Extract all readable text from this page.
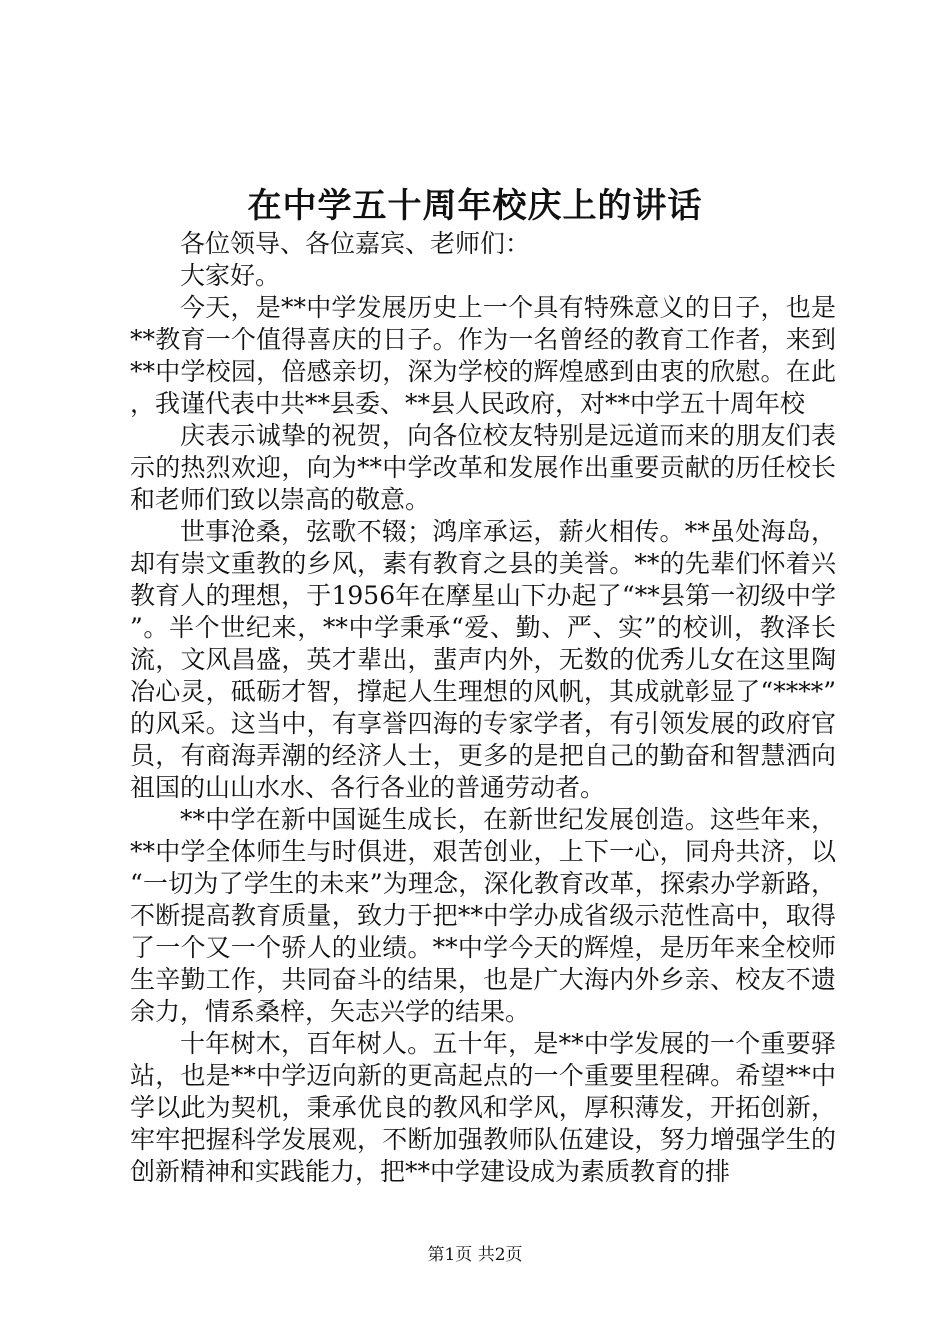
在中学五十周年校庆上的讲话

各位领导、各位嘉宾、老师们：

大家好。

今天，是**中学发展历史上一个具有特殊意义的日子，也是**教育一个值得喜庆的日子。作为一名曾经的教育工作者，来到**中学校园，倍感亲切，深为学校的辉煌感到由衷的欣慰。在此，我谨代表中共**县委、**县人民政府，对**中学五十周年校

庆表示诚挚的祝贺，向各位校友特别是远道而来的朋友们表示的热烈欢迎，向为**中学改革和发展作出重要贡献的历任校长和老师们致以崇高的敬意。

世事沧桑，弦歌不辍；鸿庠承运，薪火相传。**虽处海岛，却有崇文重教的乡风，素有教育之县的美誉。**的先辈们怀着兴教育人的理想，于1956年在摩星山下办起了“**县第一初级中学”。半个世纪来，**中学秉承“爱、勤、严、实”的校训，教泽长流，文风昌盛，英才辈出，蜚声内外，无数的优秀儿女在这里陶冶心灵，砥砺才智，撑起人生理想的风帆，其成就彰显了“****”的风采。这当中，有享誉四海的专家学者，有引领发展的政府官员，有商海弄潮的经济人士，更多的是把自己的勤奋和智慧洒向祖国的山山水水、各行各业的普通劳动者。

**中学在新中国诞生成长，在新世纪发展创造。这些年来，**中学全体师生与时俱进，艰苦创业，上下一心，同舟共济，以“一切为了学生的未来”为理念，深化教育改革，探索办学新路，不断提高教育质量，致力于把**中学办成省级示范性高中，取得了一个又一个骄人的业绩。**中学今天的辉煌，是历年来全校师生辛勤工作，共同奋斗的结果，也是广大海内外乡亲、校友不遗余力，情系桑梓，矢志兴学的结果。

十年树木，百年树人。五十年，是**中学发展的一个重要驿站，也是**中学迈向新的更高起点的一个重要里程碑。希望**中学以此为契机，秉承优良的教风和学风，厚积薄发，开拓创新，牢牢把握科学发展观，不断加强教师队伍建设，努力增强学生的创新精神和实践能力，把**中学建设成为素质教育的排

第1页 共2页
